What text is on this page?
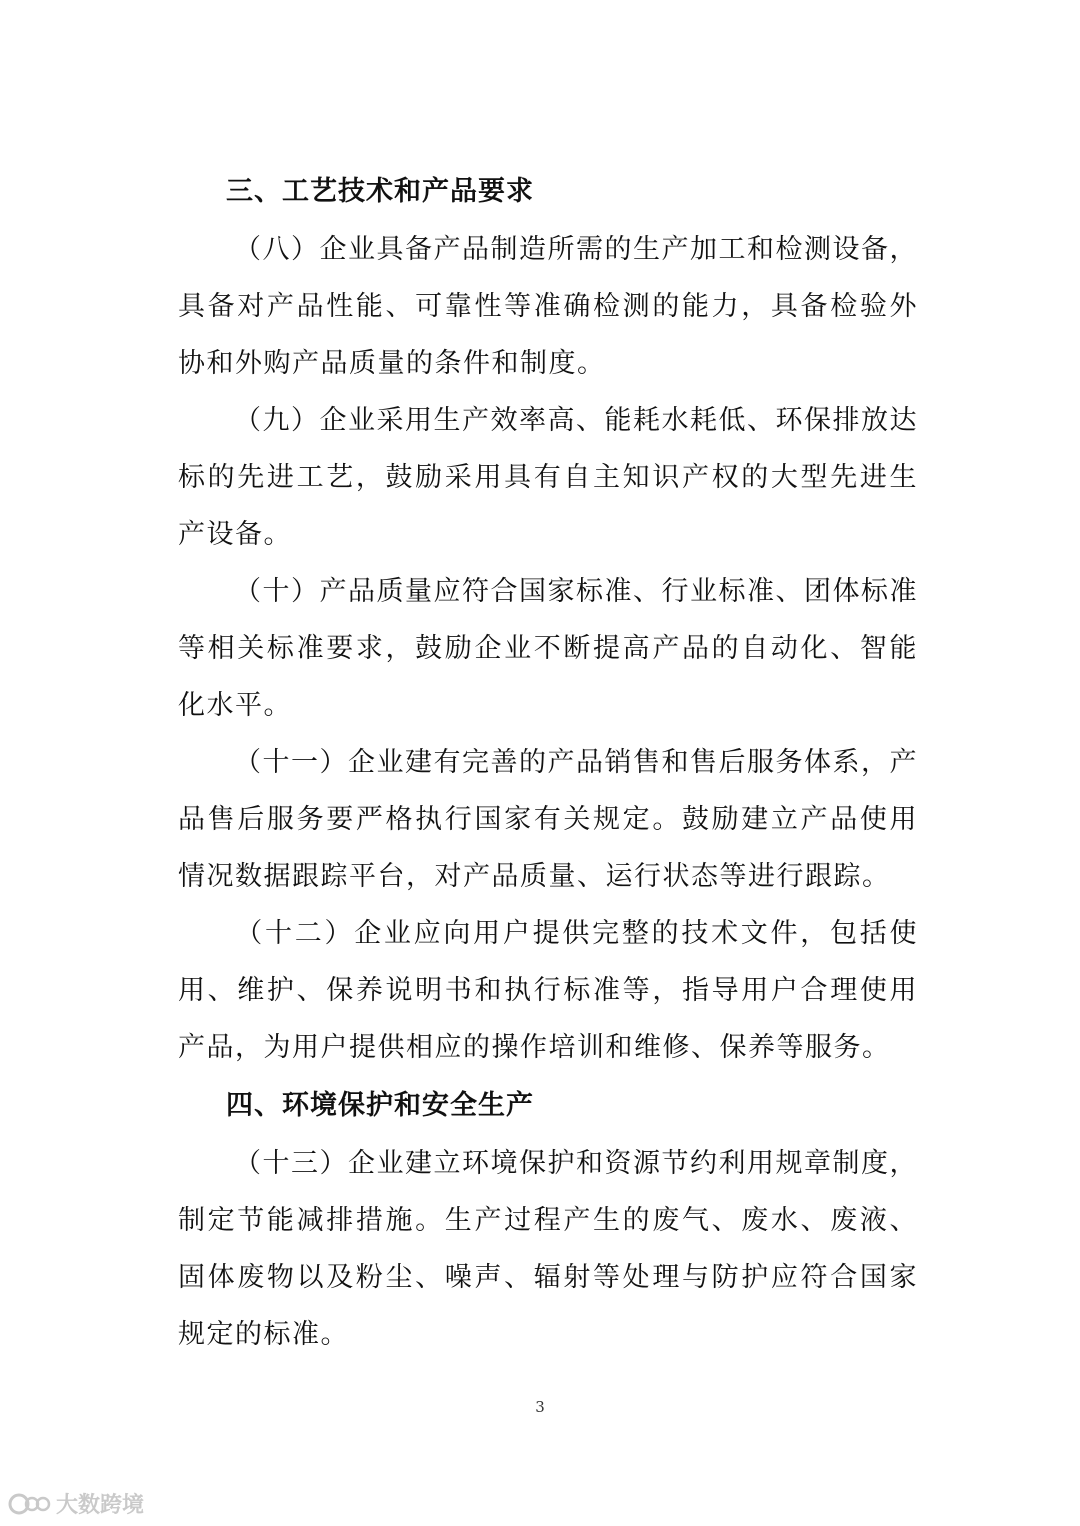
三、工艺技术和产品要求

（八）企业具备产品制造所需的生产加工和检测设备，具备对产品性能、可靠性等准确检测的能力，具备检验外协和外购产品质量的条件和制度。

（九）企业采用生产效率高、能耗水耗低、环保排放达标的先进工艺，鼓励采用具有自主知识产权的大型先进生产设备。

（十）产品质量应符合国家标准、行业标准、团体标准等相关标准要求，鼓励企业不断提高产品的自动化、智能化水平。

（十一）企业建有完善的产品销售和售后服务体系，产品售后服务要严格执行国家有关规定。鼓励建立产品使用情况数据跟踪平台，对产品质量、运行状态等进行跟踪。

（十二）企业应向用户提供完整的技术文件，包括使用、维护、保养说明书和执行标准等，指导用户合理使用产品，为用户提供相应的操作培训和维修、保养等服务。

四、环境保护和安全生产

（十三）企业建立环境保护和资源节约利用规章制度，制定节能减排措施。生产过程产生的废气、废水、废液、固体废物以及粉尘、噪声、辐射等处理与防护应符合国家规定的标准。

3
大数跨境
